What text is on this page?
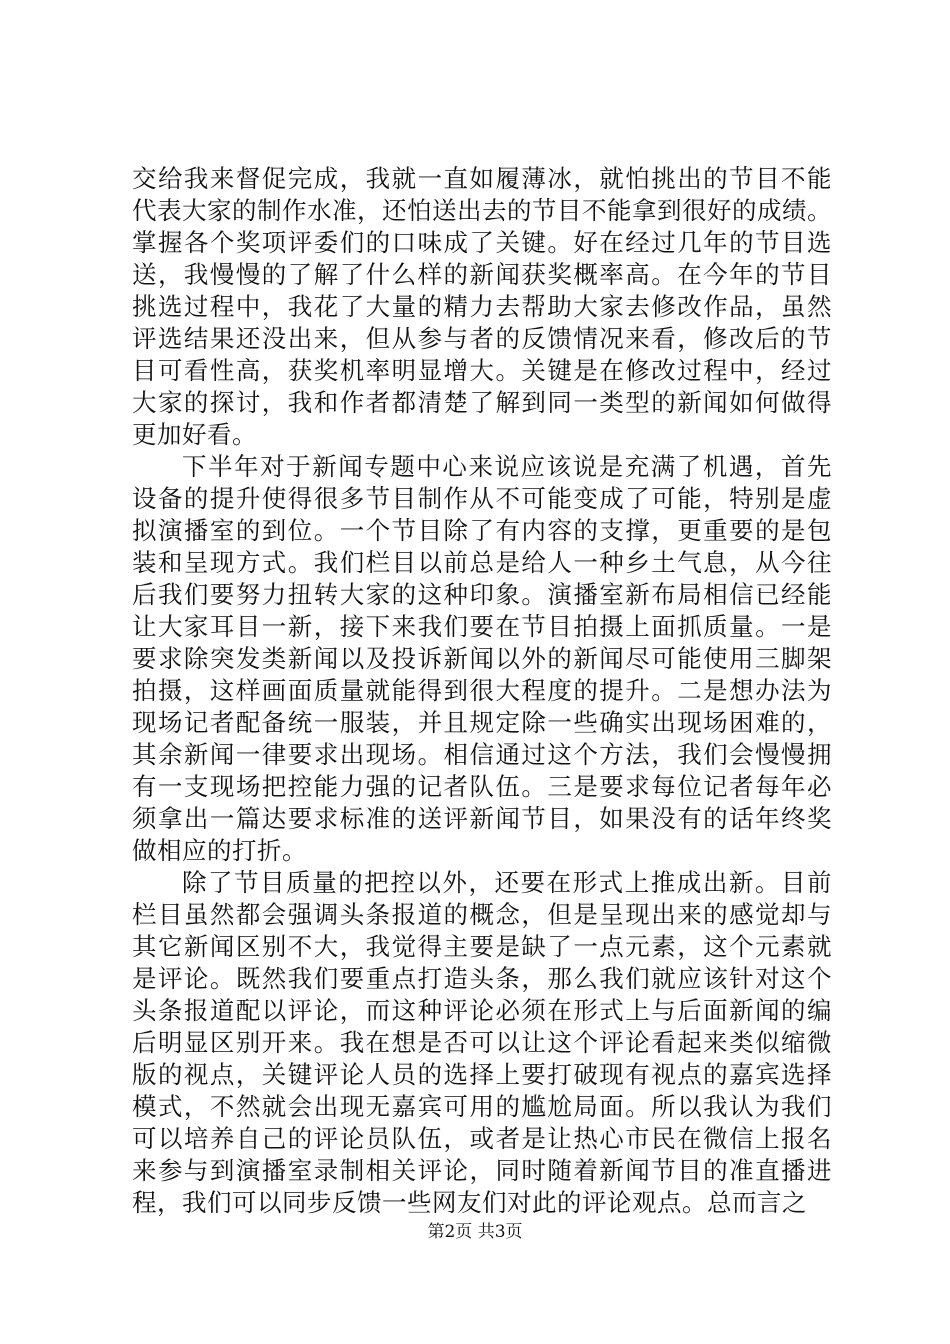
交给我来督促完成，我就一直如履薄冰，就怕挑出的节目不能
代表大家的制作水准，还怕送出去的节目不能拿到很好的成绩。
掌握各个奖项评委们的口味成了关键。好在经过几年的节目选
送，我慢慢的了解了什么样的新闻获奖概率高。在今年的节目
挑选过程中，我花了大量的精力去帮助大家去修改作品，虽然
评选结果还没出来，但从参与者的反馈情况来看，修改后的节
目可看性高，获奖机率明显增大。关键是在修改过程中，经过
大家的探讨，我和作者都清楚了解到同一类型的新闻如何做得
更加好看。
下半年对于新闻专题中心来说应该说是充满了机遇，首先
设备的提升使得很多节目制作从不可能变成了可能，特别是虚
拟演播室的到位。一个节目除了有内容的支撑，更重要的是包
装和呈现方式。我们栏目以前总是给人一种乡土气息，从今往
后我们要努力扭转大家的这种印象。演播室新布局相信已经能
让大家耳目一新，接下来我们要在节目拍摄上面抓质量。一是
要求除突发类新闻以及投诉新闻以外的新闻尽可能使用三脚架
拍摄，这样画面质量就能得到很大程度的提升。二是想办法为
现场记者配备统一服装，并且规定除一些确实出现场困难的，
其余新闻一律要求出现场。相信通过这个方法，我们会慢慢拥
有一支现场把控能力强的记者队伍。三是要求每位记者每年必
须拿出一篇达要求标准的送评新闻节目，如果没有的话年终奖
做相应的打折。
除了节目质量的把控以外，还要在形式上推成出新。目前
栏目虽然都会强调头条报道的概念，但是呈现出来的感觉却与
其它新闻区别不大，我觉得主要是缺了一点元素，这个元素就
是评论。既然我们要重点打造头条，那么我们就应该针对这个
头条报道配以评论，而这种评论必须在形式上与后面新闻的编
后明显区别开来。我在想是否可以让这个评论看起来类似缩微
版的视点，关键评论人员的选择上要打破现有视点的嘉宾选择
模式，不然就会出现无嘉宾可用的尴尬局面。所以我认为我们
可以培养自己的评论员队伍，或者是让热心市民在微信上报名
来参与到演播室录制相关评论，同时随着新闻节目的准直播进
程，我们可以同步反馈一些网友们对此的评论观点。总而言之
第2页 共3页
